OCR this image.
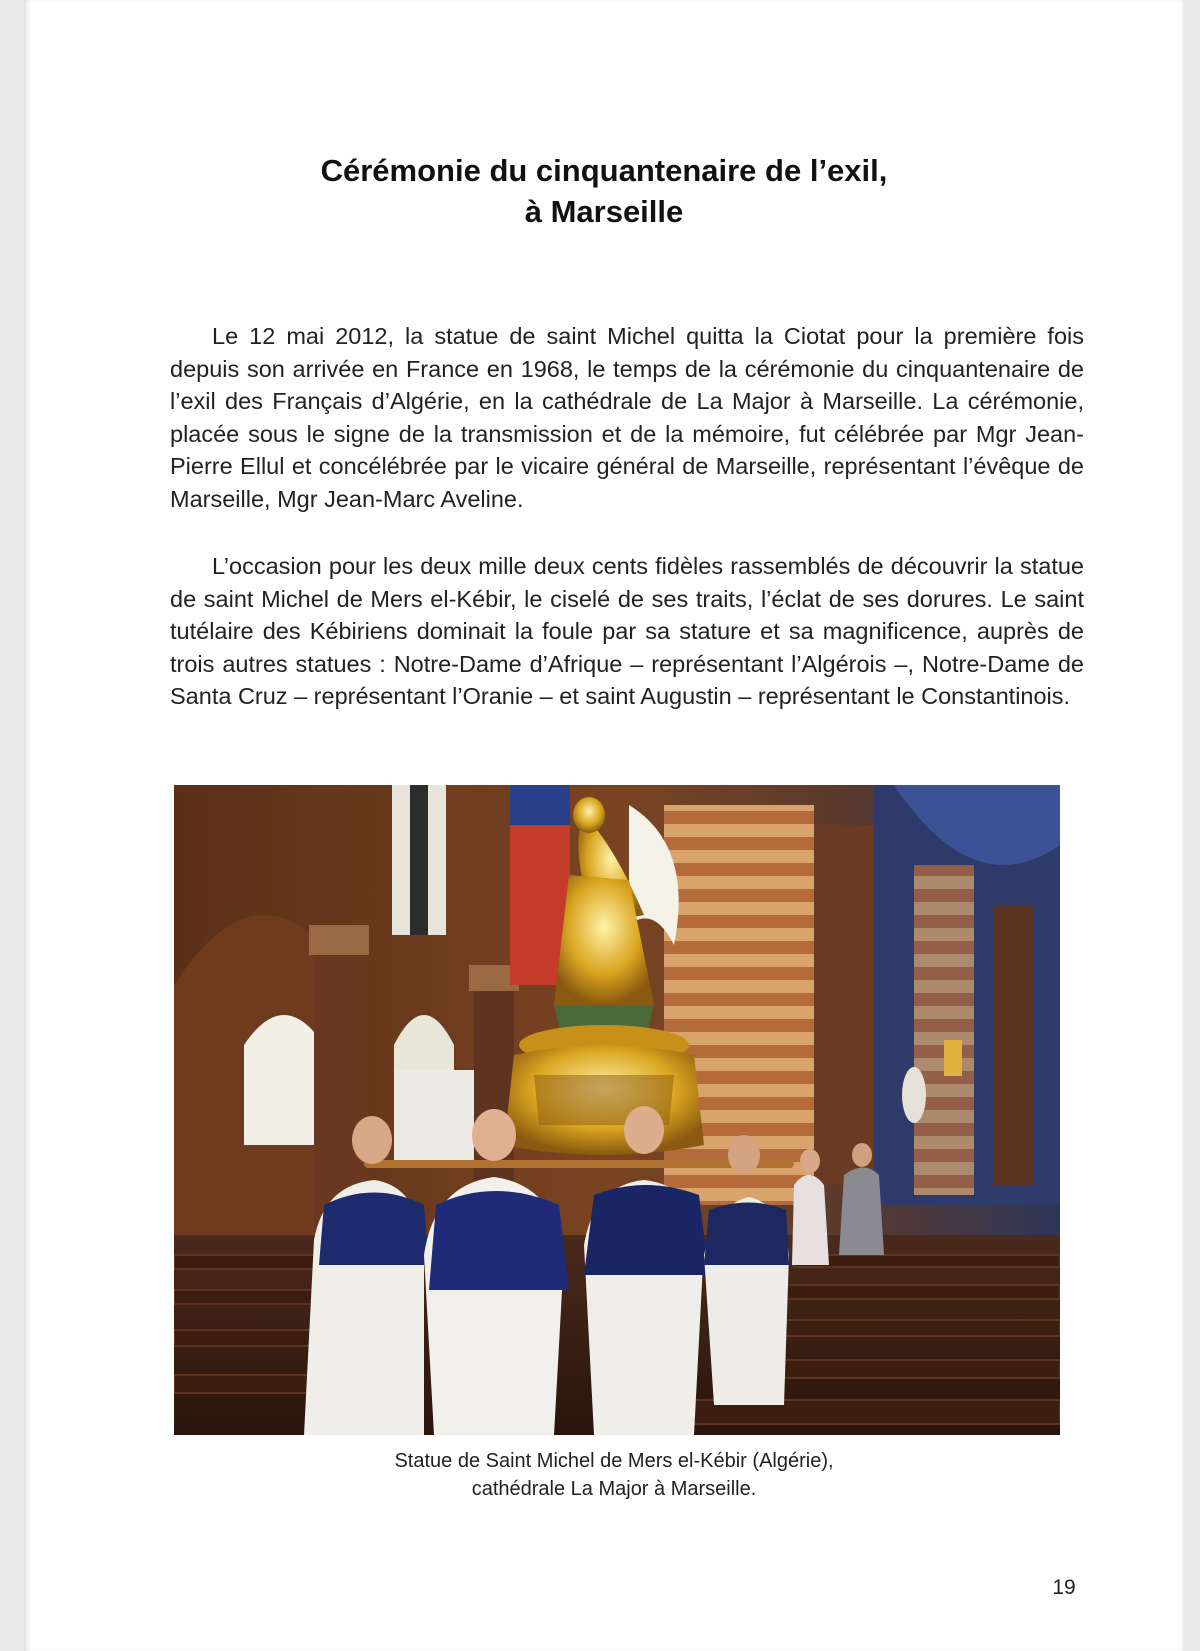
Cérémonie du cinquantenaire de l’exil,
à Marseille

Le 12 mai 2012, la statue de saint Michel quitta la Ciotat pour la première fois depuis son arrivée en France en 1968, le temps de la cérémonie du cinquantenaire de l’exil des Français d’Algérie, en la cathédrale de La Major à Marseille. La cérémonie, placée sous le signe de la transmission et de la mémoire, fut célébrée par Mgr Jean-Pierre Ellul et concélébrée par le vicaire général de Marseille, représentant l’évêque de Marseille, Mgr Jean-Marc Aveline.

L’occasion pour les deux mille deux cents fidèles rassemblés de découvrir la statue de saint Michel de Mers el-Kébir, le ciselé de ses traits, l’éclat de ses dorures. Le saint tutélaire des Kébiriens dominait la foule par sa stature et sa magnificence, auprès de trois autres statues : Notre-Dame d’Afrique – représentant l’Algérois –, Notre-Dame de Santa Cruz – représentant l’Oranie – et saint Augustin – représentant le Constantinois.

Statue de Saint Michel de Mers el-Kébir (Algérie),
cathédrale La Major à Marseille.
19
